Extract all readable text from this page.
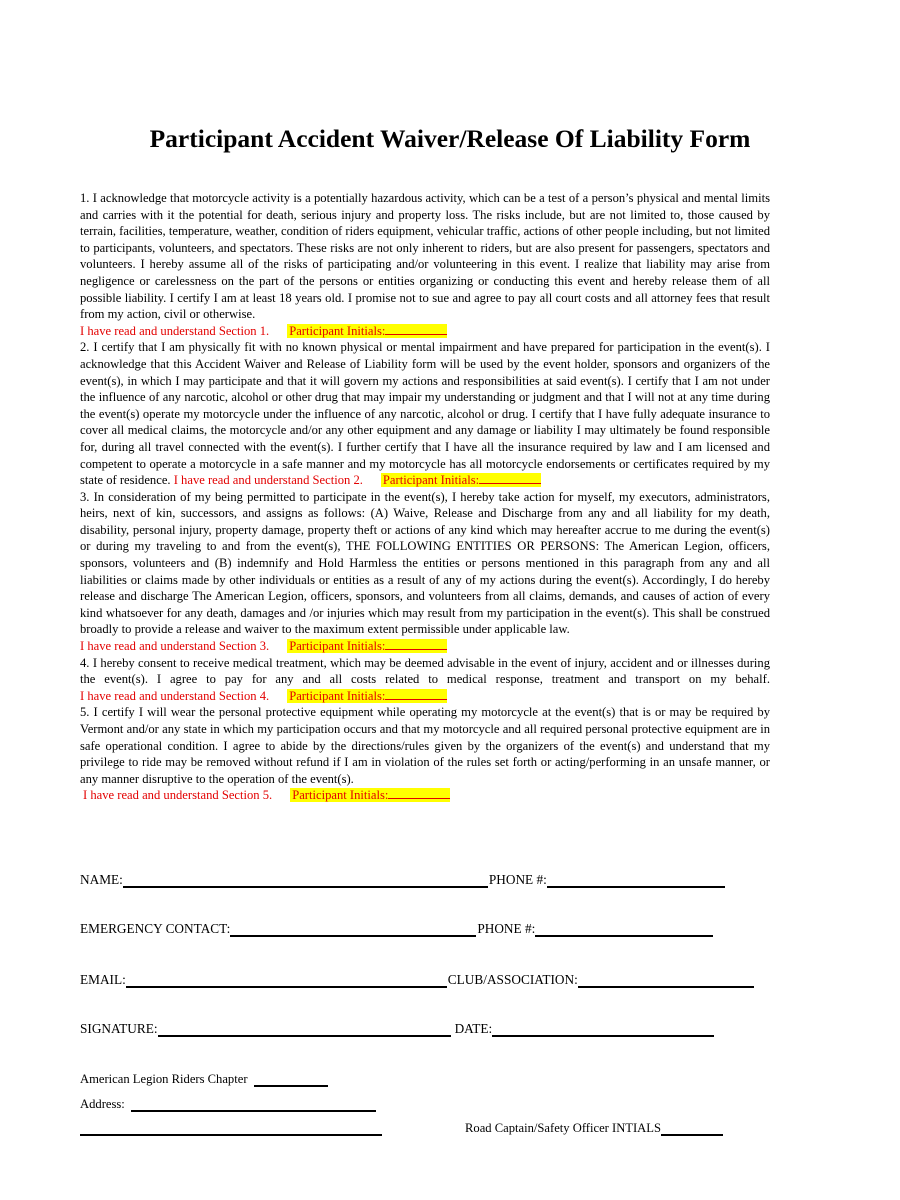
Participant Accident Waiver/Release Of Liability Form

1. I acknowledge that motorcycle activity is a potentially hazardous activity, which can be a test of a person’s physical and mental limits and carries with it the potential for death, serious injury and property loss. The risks include, but are not limited to, those caused by terrain, facilities, temperature, weather, condition of riders equipment, vehicular traffic, actions of other people including, but not limited to participants, volunteers, and spectators. These risks are not only inherent to riders, but are also present for passengers, spectators and volunteers. I hereby assume all of the risks of participating and/or volunteering in this event. I realize that liability may arise from negligence or carelessness on the part of the persons or entities organizing or conducting this event and hereby release them of all possible liability. I certify I am at least 18 years old. I promise not to sue and agree to pay all court costs and all attorney fees that result from my action, civil or otherwise.
I have read and understand Section 1. Participant Initials:

2. I certify that I am physically fit with no known physical or mental impairment and have prepared for participation in the event(s). I acknowledge that this Accident Waiver and Release of Liability form will be used by the event holder, sponsors and organizers of the event(s), in which I may participate and that it will govern my actions and responsibilities at said event(s). I certify that I am not under the influence of any narcotic, alcohol or other drug that may impair my understanding or judgment and that I will not at any time during the event(s) operate my motorcycle under the influence of any narcotic, alcohol or drug. I certify that I have fully adequate insurance to cover all medical claims, the motorcycle and/or any other equipment and any damage or liability I may ultimately be found responsible for, during all travel connected with the event(s). I further certify that I have all the insurance required by law and I am licensed and competent to operate a motorcycle in a safe manner and my motorcycle has all motorcycle endorsements or certificates required by my state of residence. I have read and understand Section 2. Participant Initials:

3. In consideration of my being permitted to participate in the event(s), I hereby take action for myself, my executors, administrators, heirs, next of kin, successors, and assigns as follows: (A) Waive, Release and Discharge from any and all liability for my death, disability, personal injury, property damage, property theft or actions of any kind which may hereafter accrue to me during the event(s) or during my traveling to and from the event(s), THE FOLLOWING ENTITIES OR PERSONS: The American Legion, officers, sponsors, volunteers and (B) indemnify and Hold Harmless the entities or persons mentioned in this paragraph from any and all liabilities or claims made by other individuals or entities as a result of any of my actions during the event(s). Accordingly, I do hereby release and discharge The American Legion, officers, sponsors, and volunteers from all claims, demands, and causes of action of every kind whatsoever for any death, damages and /or injuries which may result from my participation in the event(s). This shall be construed broadly to provide a release and waiver to the maximum extent permissible under applicable law.
I have read and understand Section 3. Participant Initials:

4. I hereby consent to receive medical treatment, which may be deemed advisable in the event of injury, accident and or illnesses during the event(s). I agree to pay for any and all costs related to medical response, treatment and transport on my behalf. I have read and understand Section 4. Participant Initials:

5. I certify I will wear the personal protective equipment while operating my motorcycle at the event(s) that is or may be required by Vermont and/or any state in which my participation occurs and that my motorcycle and all required personal protective equipment are in safe operational condition. I agree to abide by the directions/rules given by the organizers of the event(s) and understand that my privilege to ride may be removed without refund if I am in violation of the rules set forth or acting/performing in an unsafe manner, or any manner disruptive to the operation of the event(s).
I have read and understand Section 5. Participant Initials:

NAME:	PHONE #:
EMERGENCY CONTACT:	PHONE #:
EMAIL:	CLUB/ASSOCIATION:
SIGNATURE:	DATE:
American Legion Riders Chapter
Address:
Road Captain/Safety Officer INTIALS
